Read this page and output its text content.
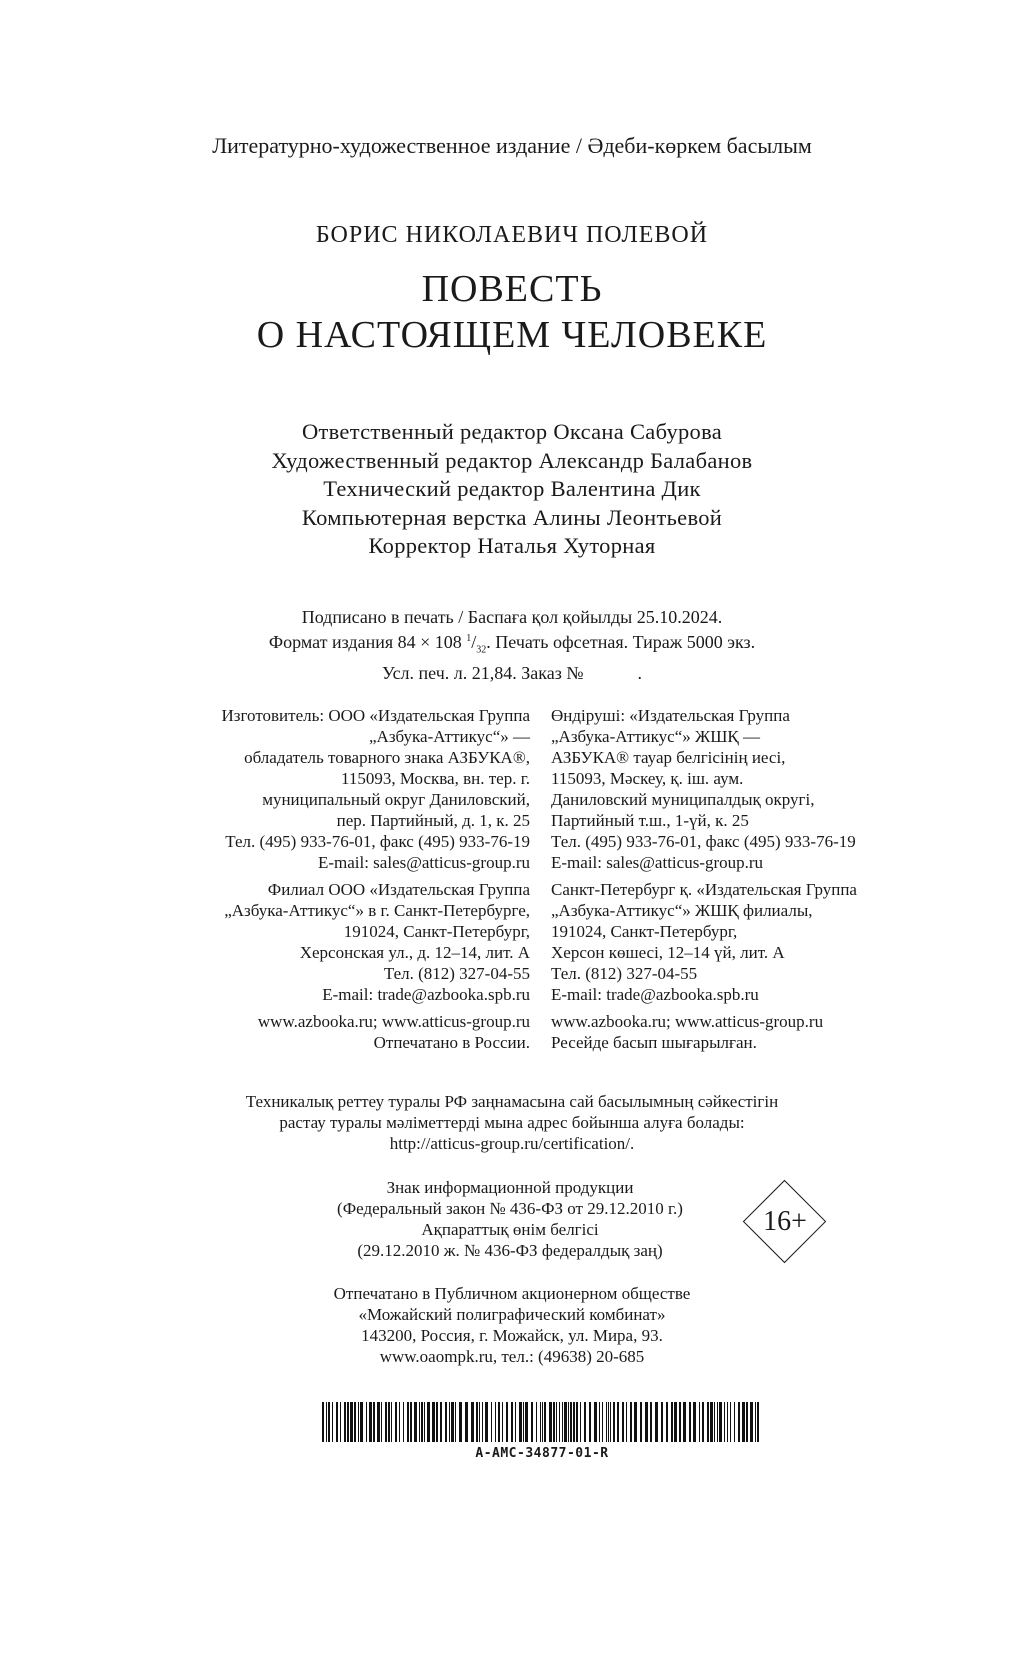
Литературно-художественное издание / Әдеби-көркем басылым
БОРИС НИКОЛАЕВИЧ ПОЛЕВОЙ
ПОВЕСТЬ
О НАСТОЯЩЕМ ЧЕЛОВЕКЕ
Ответственный редактор Оксана Сабурова
Художественный редактор Александр Балабанов
Технический редактор Валентина Дик
Компьютерная верстка Алины Леонтьевой
Корректор Наталья Хуторная
Подписано в печать / Баспаға қол қойылды 25.10.2024.
Формат издания 84 × 108 $^1/_{32}$. Печать офсетная. Тираж 5000 экз.
Усл. печ. л. 21,84. Заказ №            .
Изготовитель: ООО «Издательская Группа
„Азбука-Аттикус“» —
обладатель товарного знака АЗБУКА®,
115093, Москва, вн. тер. г.
муниципальный округ Даниловский,
пер. Партийный, д. 1, к. 25
Тел. (495) 933-76-01, факс (495) 933-76-19
E-mail: sales@atticus-group.ru
Филиал ООО «Издательская Группа
„Азбука-Аттикус“» в г. Санкт-Петербурге,
191024, Санкт-Петербург,
Херсонская ул., д. 12–14, лит. А
Тел. (812) 327-04-55
E-mail: trade@azbooka.spb.ru
www.azbooka.ru; www.atticus-group.ru
Отпечатано в России.
Өндіруші: «Издательская Группа
„Азбука-Аттикус“» ЖШҚ —
АЗБУКА® тауар белгісінің иесі,
115093, Мәскеу, қ. іш. аум.
Даниловский муниципалдық округі,
Партийный т.ш., 1-үй, к. 25
Тел. (495) 933-76-01, факс (495) 933-76-19
E-mail: sales@atticus-group.ru
Санкт-Петербург қ. «Издательская Группа
„Азбука-Аттикус“» ЖШҚ филиалы,
191024, Санкт-Петербург,
Херсон көшесі, 12–14 үй, лит. А
Тел. (812) 327-04-55
E-mail: trade@azbooka.spb.ru
www.azbooka.ru; www.atticus-group.ru
Ресейде басып шығарылған.
Техникалық реттеу туралы РФ заңнамасына сай басылымның сәйкестігін
растау туралы мәліметтерді мына адрес бойынша алуға болады:
http://atticus-group.ru/certification/.
Знак информационной продукции
(Федеральный закон № 436-ФЗ от 29.12.2010 г.)
Ақпараттық өнім белгісі
(29.12.2010 ж. № 436-ФЗ федералдық заң)
16+
Отпечатано в Публичном акционерном обществе
«Можайский полиграфический комбинат»
143200, Россия, г. Можайск, ул. Мира, 93.
www.oaompk.ru, тел.: (49638) 20-685
A-AMC-34877-01-R
